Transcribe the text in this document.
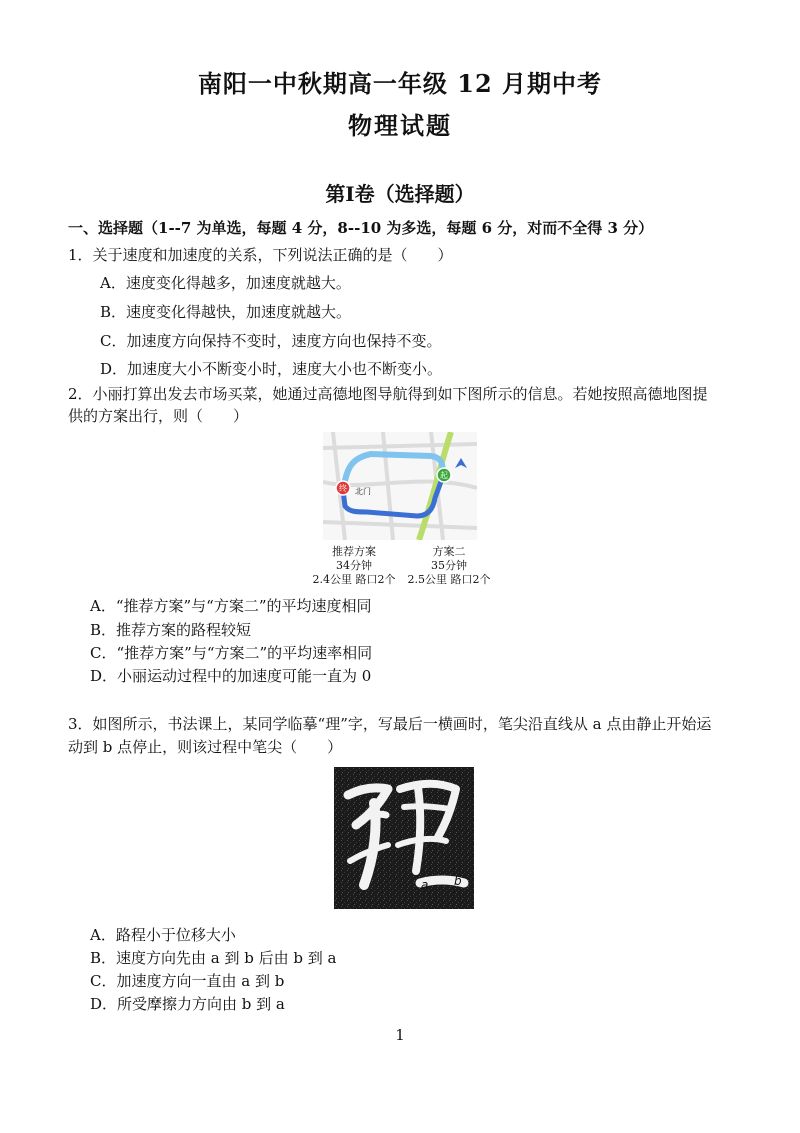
南阳一中秋期高一年级 12 月期中考
物理试题
第Ⅰ卷（选择题）
一、选择题（1--7 为单选，每题 4 分，8--10 为多选，每题 6 分，对而不全得 3 分）
1．关于速度和加速度的关系，下列说法正确的是（　　）
A．速度变化得越多，加速度就越大。
B．速度变化得越快，加速度就越大。
C．加速度方向保持不变时，速度方向也保持不变。
D．加速度大小不断变小时，速度大小也不断变小。
2．小丽打算出发去市场买菜，她通过高德地图导航得到如下图所示的信息。若她按照高德地图提
供的方案出行，则（　　）
起
终 北门
推荐方案
34分钟
2.4公里 路口2个
方案二
35分钟
2.5公里 路口2个
A．“推荐方案”与“方案二”的平均速度相同
B．推荐方案的路程较短
C．“推荐方案”与“方案二”的平均速率相同
D．小丽运动过程中的加速度可能一直为 0
3．如图所示，书法课上，某同学临摹“理”字，写最后一横画时，笔尖沿直线从 a 点由静止开始运
动到 b 点停止，则该过程中笔尖（　　）
a b
A．路程小于位移大小
B．速度方向先由 a 到 b 后由 b 到 a
C．加速度方向一直由 a 到 b
D．所受摩擦力方向由 b 到 a
1
